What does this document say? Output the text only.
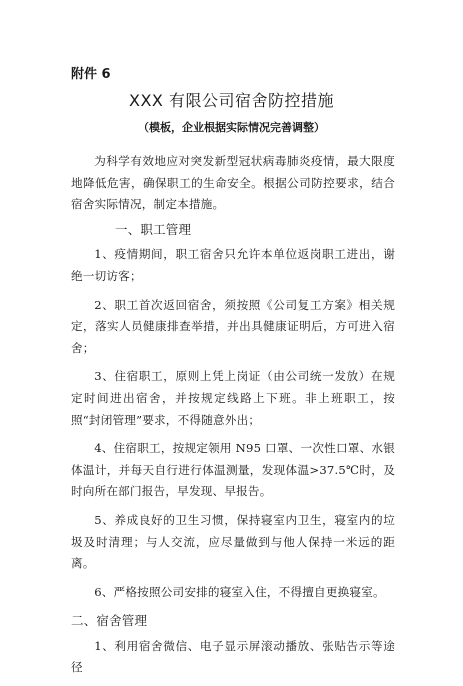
附件 6
XXX 有限公司宿舍防控措施
（模板，企业根据实际情况完善调整）

为科学有效地应对突发新型冠状病毒肺炎疫情，最大限度地降低危害，确保职工的生命安全。根据公司防控要求，结合宿舍实际情况，制定本措施。

一、职工管理

1、疫情期间，职工宿舍只允许本单位返岗职工进出，谢绝一切访客；

2、职工首次返回宿舍，须按照《公司复工方案》相关规定，落实人员健康排查举措，并出具健康证明后，方可进入宿舍；

3、住宿职工，原则上凭上岗证（由公司统一发放）在规定时间进出宿舍，并按规定线路上下班。非上班职工，按照“封闭管理”要求，不得随意外出；

4、住宿职工，按规定领用 N95 口罩、一次性口罩、水银体温计，并每天自行进行体温测量，发现体温>37.5℃时，及时向所在部门报告，早发现、早报告。

5、养成良好的卫生习惯，保持寝室内卫生，寝室内的垃圾及时清理；与人交流，应尽量做到与他人保持一米远的距离。

6、严格按照公司安排的寝室入住，不得擅自更换寝室。

二、宿舍管理

1、利用宿舍微信、电子显示屏滚动播放、张贴告示等途径
